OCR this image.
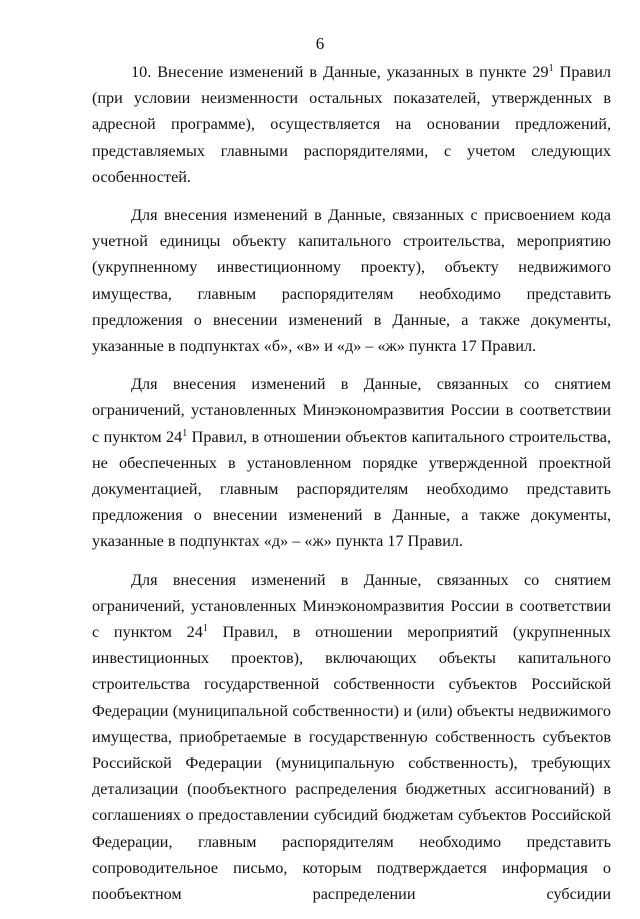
6

10. Внесение изменений в Данные, указанных в пункте $29^1$ Правил (при условии неизменности остальных показателей, утвержденных в адресной программе), осуществляется на основании предложений, представляемых главными распорядителями, с учетом следующих особенностей.

Для внесения изменений в Данные, связанных с присвоением кода учетной единицы объекту капитального строительства, мероприятию (укрупненному инвестиционному проекту), объекту недвижимого имущества, главным распорядителям необходимо представить предложения о внесении изменений в Данные, а также документы, указанные в подпунктах «б», «в» и «д» – «ж» пункта 17 Правил.

Для внесения изменений в Данные, связанных со снятием ограничений, установленных Минэкономразвития России в соответствии с пунктом $24^1$ Правил, в отношении объектов капитального строительства, не обеспеченных в установленном порядке утвержденной проектной документацией, главным распорядителям необходимо представить предложения о внесении изменений в Данные, а также документы, указанные в подпунктах «д» – «ж» пункта 17 Правил.

Для внесения изменений в Данные, связанных со снятием ограничений, установленных Минэкономразвития России в соответствии с пунктом $24^1$ Правил, в отношении мероприятий (укрупненных инвестиционных проектов), включающих объекты капитального строительства государственной собственности субъектов Российской Федерации (муниципальной собственности) и (или) объекты недвижимого имущества, приобретаемые в государственную собственность субъектов Российской Федерации (муниципальную собственность), требующих детализации (пообъектного распределения бюджетных ассигнований) в соглашениях о предоставлении субсидий бюджетам субъектов Российской Федерации, главным распорядителям необходимо представить сопроводительное письмо, которым подтверждается информация о пообъектном распределении субсидии
